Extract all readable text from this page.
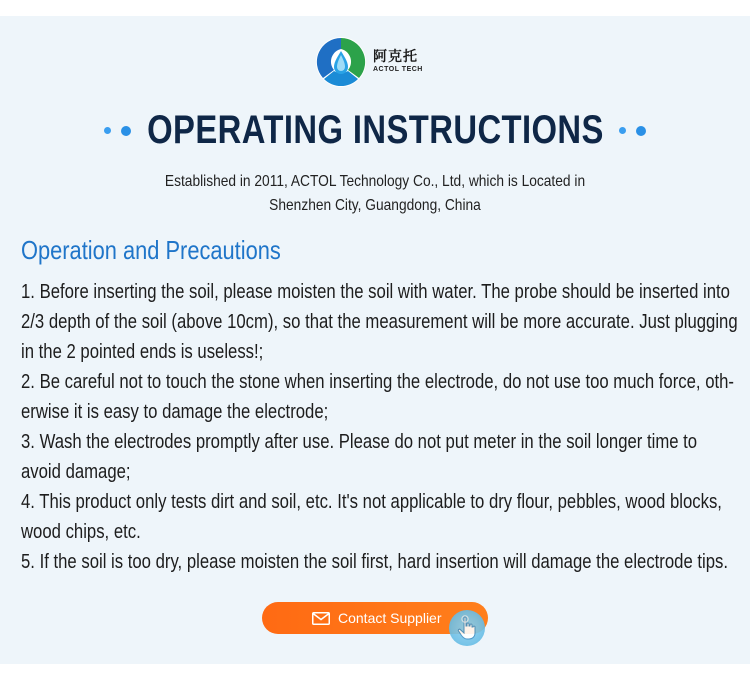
阿克托
ACTOL TECH
OPERATING INSTRUCTIONS
Established in 2011, ACTOL Technology Co., Ltd, which is Located in
Shenzhen City, Guangdong, China
Operation and Precautions
1. Before inserting the soil, please moisten the soil with water. The probe should be inserted into
2/3 depth of the soil (above 10cm), so that the measurement will be more accurate. Just plugging
in the 2 pointed ends is useless!;
2. Be careful not to touch the stone when inserting the electrode, do not use too much force, oth-
erwise it is easy to damage the electrode;
3. Wash the electrodes promptly after use. Please do not put meter in the soil longer time to
avoid damage;
4. This product only tests dirt and soil, etc. It's not applicable to dry flour, pebbles, wood blocks,
wood chips, etc.
5. If the soil is too dry, please moisten the soil first, hard insertion will damage the electrode tips.
Contact Supplier
